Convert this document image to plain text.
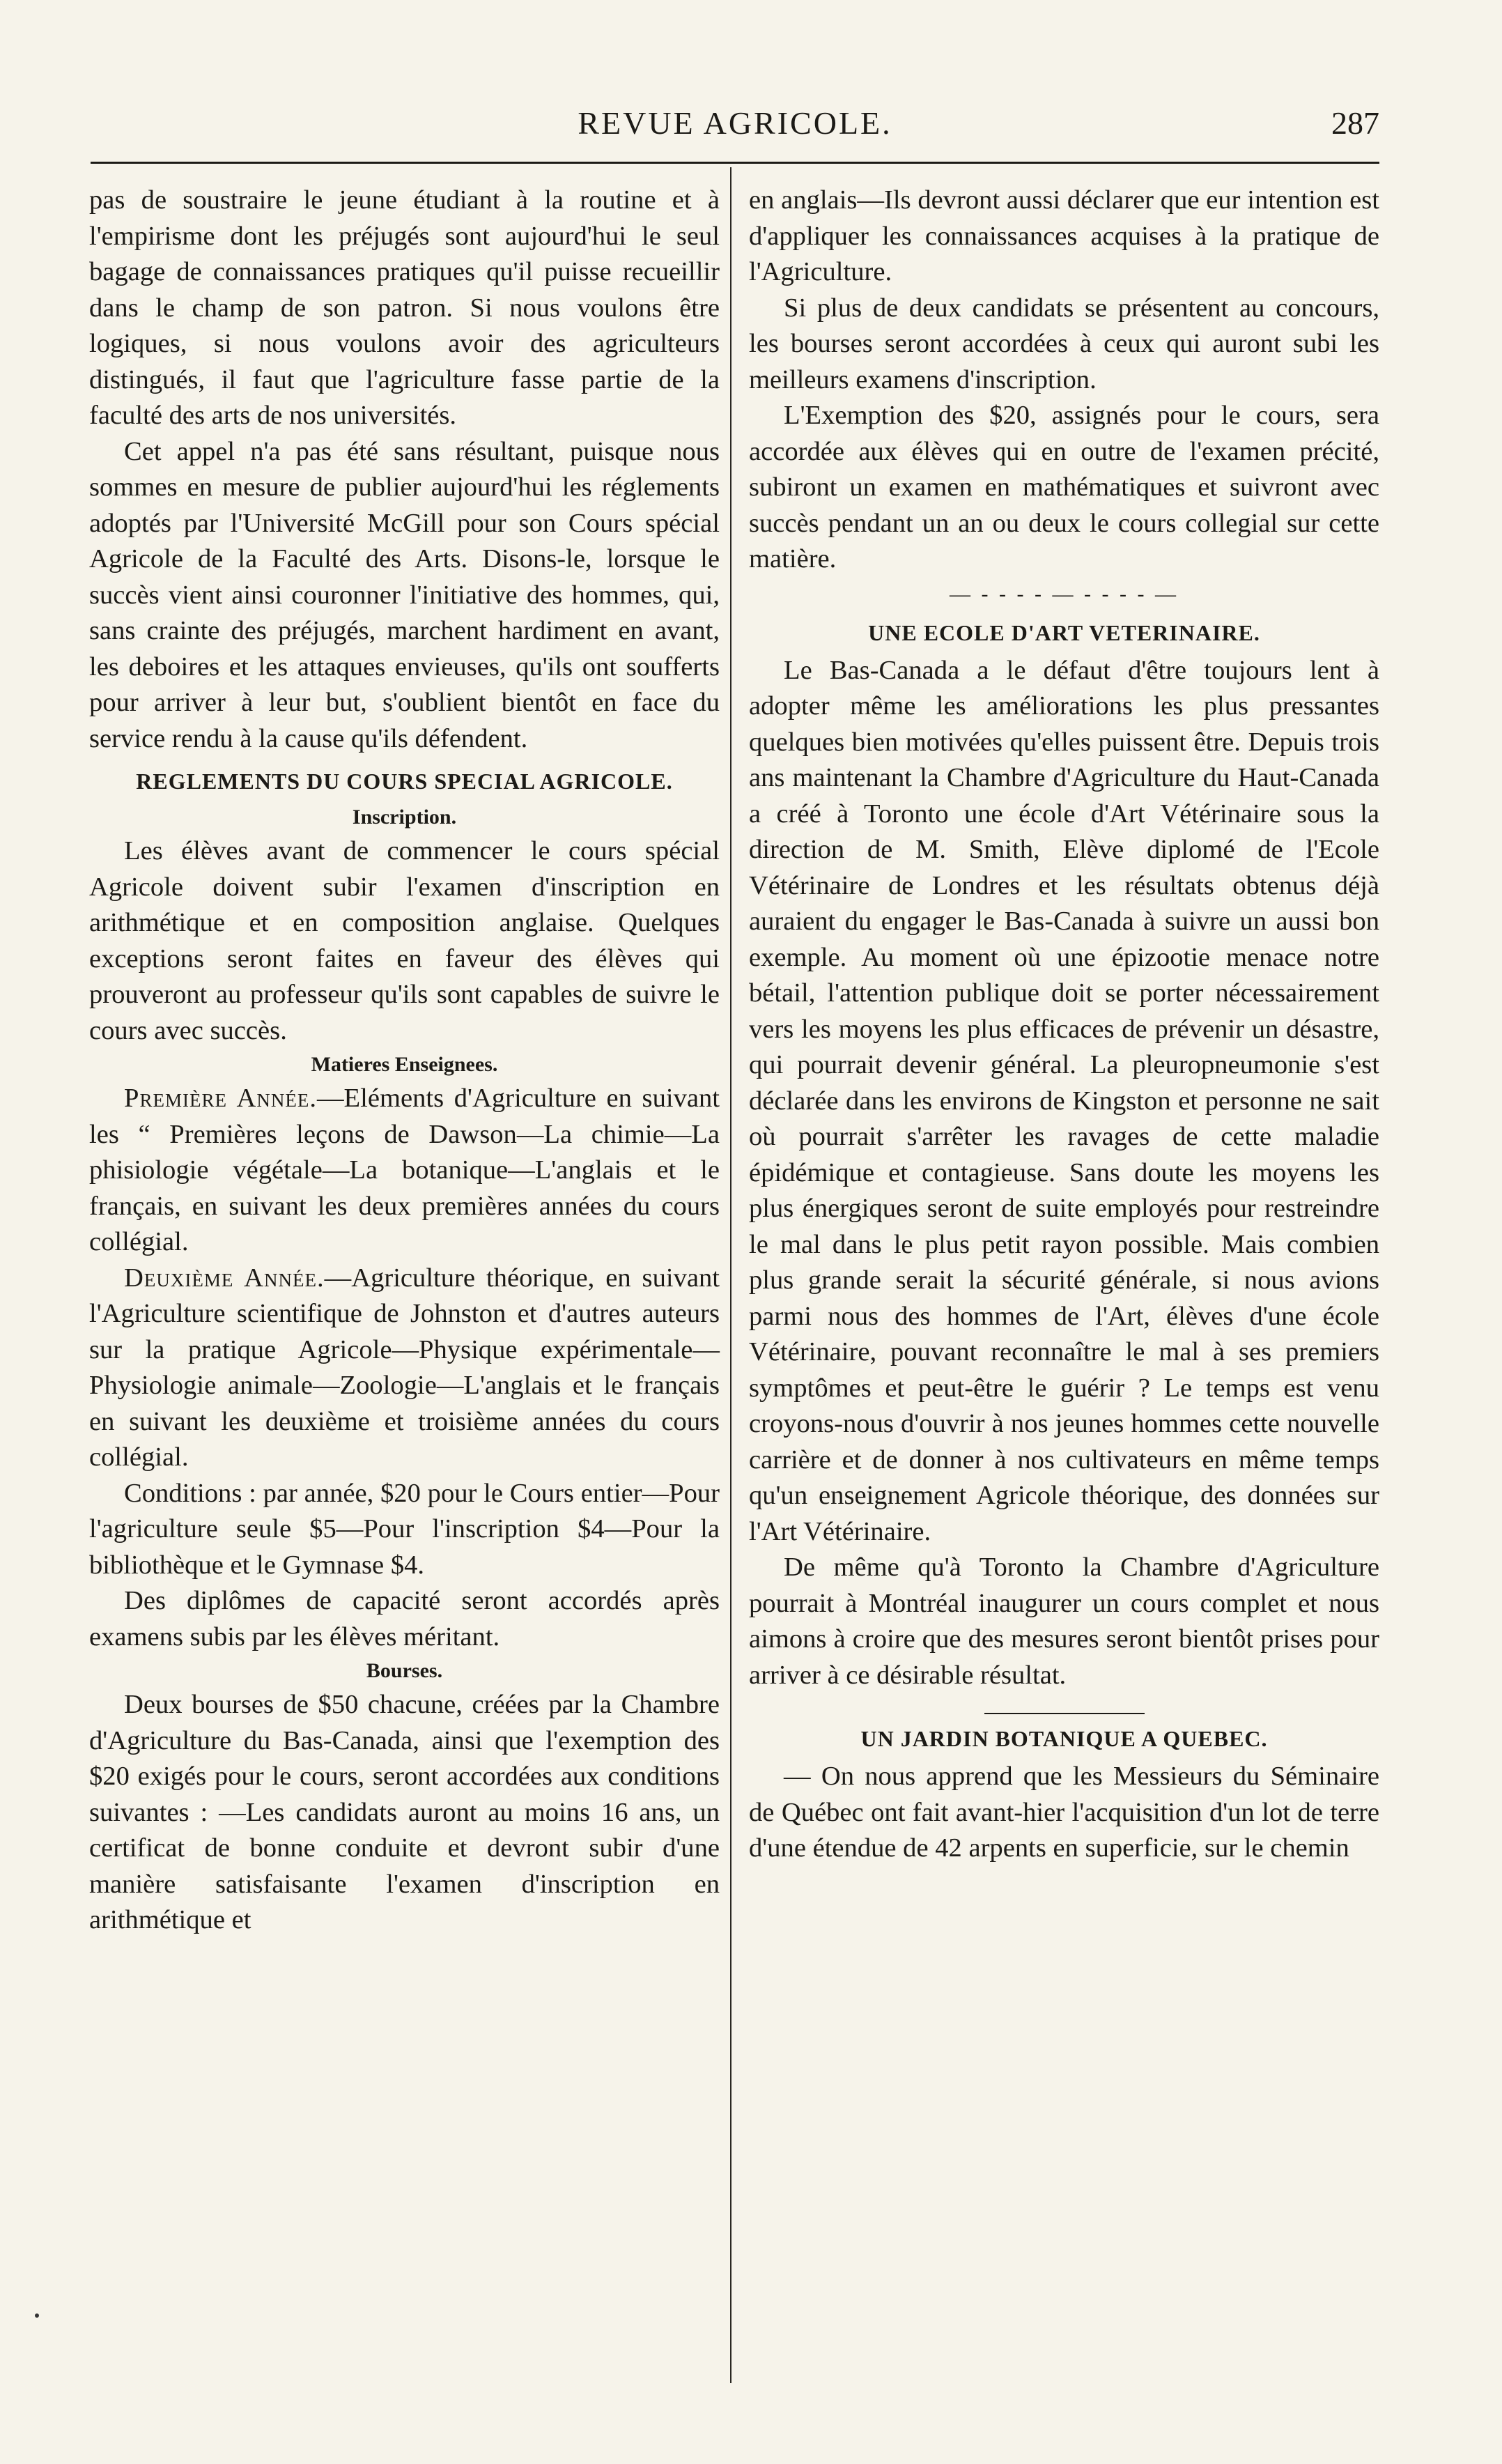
REVUE AGRICOLE.	287

pas de soustraire le jeune étudiant à la routine et à l'empirisme dont les préjugés sont aujourd'hui le seul bagage de connaissances pratiques qu'il puisse recueillir dans le champ de son patron. Si nous voulons être logiques, si nous voulons avoir des agriculteurs distingués, il faut que l'agriculture fasse partie de la faculté des arts de nos universités.

Cet appel n'a pas été sans résultant, puisque nous sommes en mesure de publier aujourd'hui les réglements adoptés par l'Université McGill pour son Cours spécial Agricole de la Faculté des Arts. Disons-le, lorsque le succès vient ainsi couronner l'initiative des hommes, qui, sans crainte des préjugés, marchent hardiment en avant, les deboires et les attaques envieuses, qu'ils ont soufferts pour arriver à leur but, s'oublient bientôt en face du service rendu à la cause qu'ils défendent.

REGLEMENTS DU COURS SPECIAL AGRICOLE.
Inscription.

Les élèves avant de commencer le cours spécial Agricole doivent subir l'examen d'inscription en arithmétique et en composition anglaise. Quelques exceptions seront faites en faveur des élèves qui prouveront au professeur qu'ils sont capables de suivre le cours avec succès.

Matieres Enseignees.

Première Année.—Eléments d'Agriculture en suivant les “ Premières leçons de Dawson—La chimie—La phisiologie végétale—La botanique—L'anglais et le français, en suivant les deux premières années du cours collégial.

Deuxième Année.—Agriculture théorique, en suivant l'Agriculture scientifique de Johnston et d'autres auteurs sur la pratique Agricole—Physique expérimentale—Physiologie animale—Zoologie—L'anglais et le français en suivant les deuxième et troisième années du cours collégial.

Conditions : par année, $20 pour le Cours entier—Pour l'agriculture seule $5—Pour l'inscription $4—Pour la bibliothèque et le Gymnase $4.

Des diplômes de capacité seront accordés après examens subis par les élèves méritant.

Bourses.

Deux bourses de $50 chacune, créées par la Chambre d'Agriculture du Bas-Canada, ainsi que l'exemption des $20 exigés pour le cours, seront accordées aux conditions suivantes : —Les candidats auront au moins 16 ans, un certificat de bonne conduite et devront subir d'une manière satisfaisante l'examen d'inscription en arithmétique et

en anglais—Ils devront aussi déclarer que eur intention est d'appliquer les connaissances acquises à la pratique de l'Agriculture.

Si plus de deux candidats se présentent au concours, les bourses seront accordées à ceux qui auront subi les meilleurs examens d'inscription.

L'Exemption des $20, assignés pour le cours, sera accordée aux élèves qui en outre de l'examen précité, subiront un examen en mathématiques et suivront avec succès pendant un an ou deux le cours collegial sur cette matière.

— - - - - — - - - - —
UNE ECOLE D'ART VETERINAIRE.

Le Bas-Canada a le défaut d'être toujours lent à adopter même les améliorations les plus pressantes quelques bien motivées qu'elles puissent être. Depuis trois ans maintenant la Chambre d'Agriculture du Haut-Canada a créé à Toronto une école d'Art Vétérinaire sous la direction de M. Smith, Elève diplomé de l'Ecole Vétérinaire de Londres et les résultats obtenus déjà auraient du engager le Bas-Canada à suivre un aussi bon exemple. Au moment où une épizootie menace notre bétail, l'attention publique doit se porter nécessairement vers les moyens les plus efficaces de prévenir un désastre, qui pourrait devenir général. La pleuropneumonie s'est déclarée dans les environs de Kingston et personne ne sait où pourrait s'arrêter les ravages de cette maladie épidémique et contagieuse. Sans doute les moyens les plus énergiques seront de suite employés pour restreindre le mal dans le plus petit rayon possible. Mais combien plus grande serait la sécurité générale, si nous avions parmi nous des hommes de l'Art, élèves d'une école Vétérinaire, pouvant reconnaître le mal à ses premiers symptômes et peut-être le guérir ? Le temps est venu croyons-nous d'ouvrir à nos jeunes hommes cette nouvelle carrière et de donner à nos cultivateurs en même temps qu'un enseignement Agricole théorique, des données sur l'Art Vétérinaire.

De même qu'à Toronto la Chambre d'Agriculture pourrait à Montréal inaugurer un cours complet et nous aimons à croire que des mesures seront bientôt prises pour arriver à ce désirable résultat.

UN JARDIN BOTANIQUE A QUEBEC.

— On nous apprend que les Messieurs du Séminaire de Québec ont fait avant-hier l'acquisition d'un lot de terre d'une étendue de 42 arpents en superficie, sur le chemin
